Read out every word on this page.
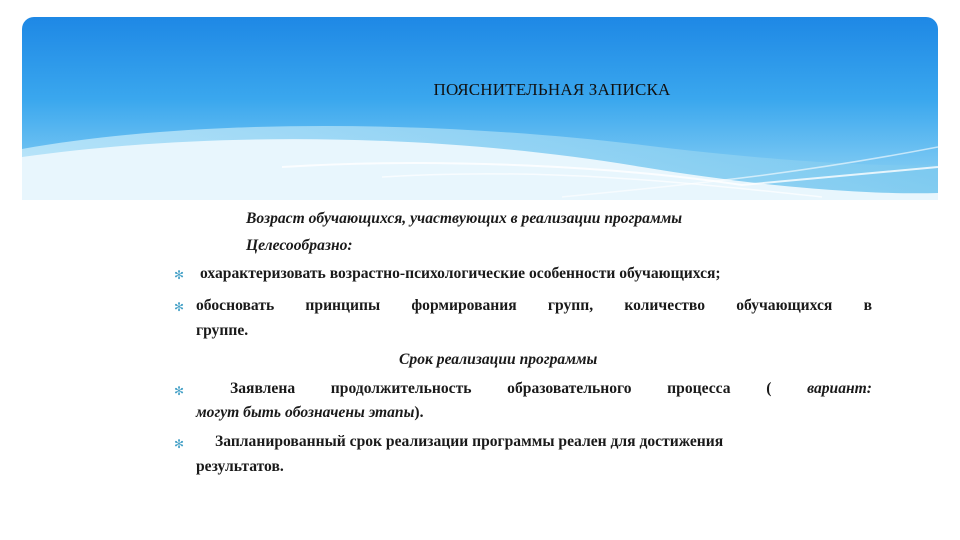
ПОЯСНИТЕЛЬНАЯ ЗАПИСКА
Возраст обучающихся, участвующих в реализации программы
Целесообразно:
✻ охарактеризовать возрастно-психологические особенности обучающихся;
✻ обосновать принципы формирования групп, количество обучающихся в
группе.
Срок реализации программы
✻	Заявлена продолжительность образовательного процесса ( вариант:
могут быть обозначены этапы).
✻ Запланированный срок реализации программы реален для достижения
результатов.
